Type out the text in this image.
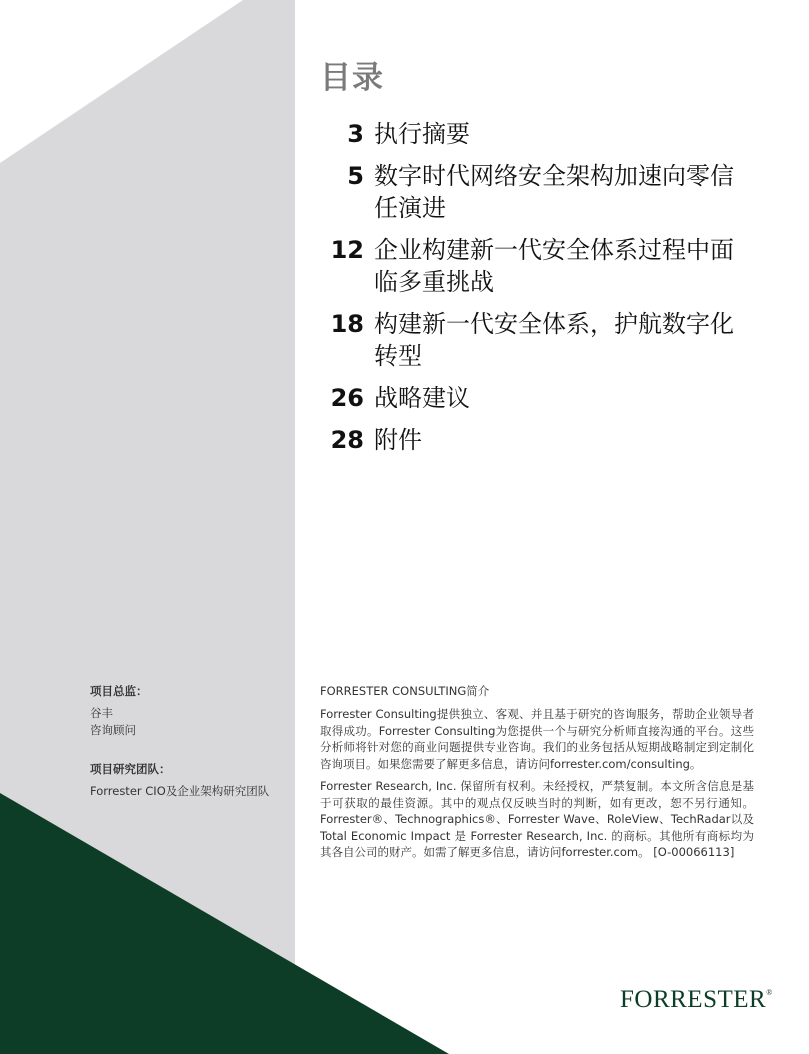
目录
3 执行摘要
5 数字时代网络安全架构加速向零信任演进
12 企业构建新一代安全体系过程中面临多重挑战
18 构建新一代安全体系，护航数字化转型
26 战略建议
28 附件
项目总监：
谷丰
咨询顾问
项目研究团队：
Forrester CIO及企业架构研究团队
FORRESTER CONSULTING简介

Forrester Consulting提供独立、客观、并且基于研究的咨询服务，帮助企业领导者取得成功。Forrester Consulting为您提供一个与研究分析师直接沟通的平台。这些分析师将针对您的商业问题提供专业咨询。我们的业务包括从短期战略制定到定制化咨询项目。如果您需要了解更多信息，请访问forrester.com/consulting。

Forrester Research, Inc. 保留所有权利。未经授权，严禁复制。本文所含信息是基于可获取的最佳资源。其中的观点仅反映当时的判断，如有更改，恕不另行通知。Forrester®、Technographics®、Forrester Wave、RoleView、TechRadar以及 Total Economic Impact 是 Forrester Research, Inc. 的商标。其他所有商标均为其各自公司的财产。如需了解更多信息，请访问forrester.com。 [O-00066113]

FORRESTER®
